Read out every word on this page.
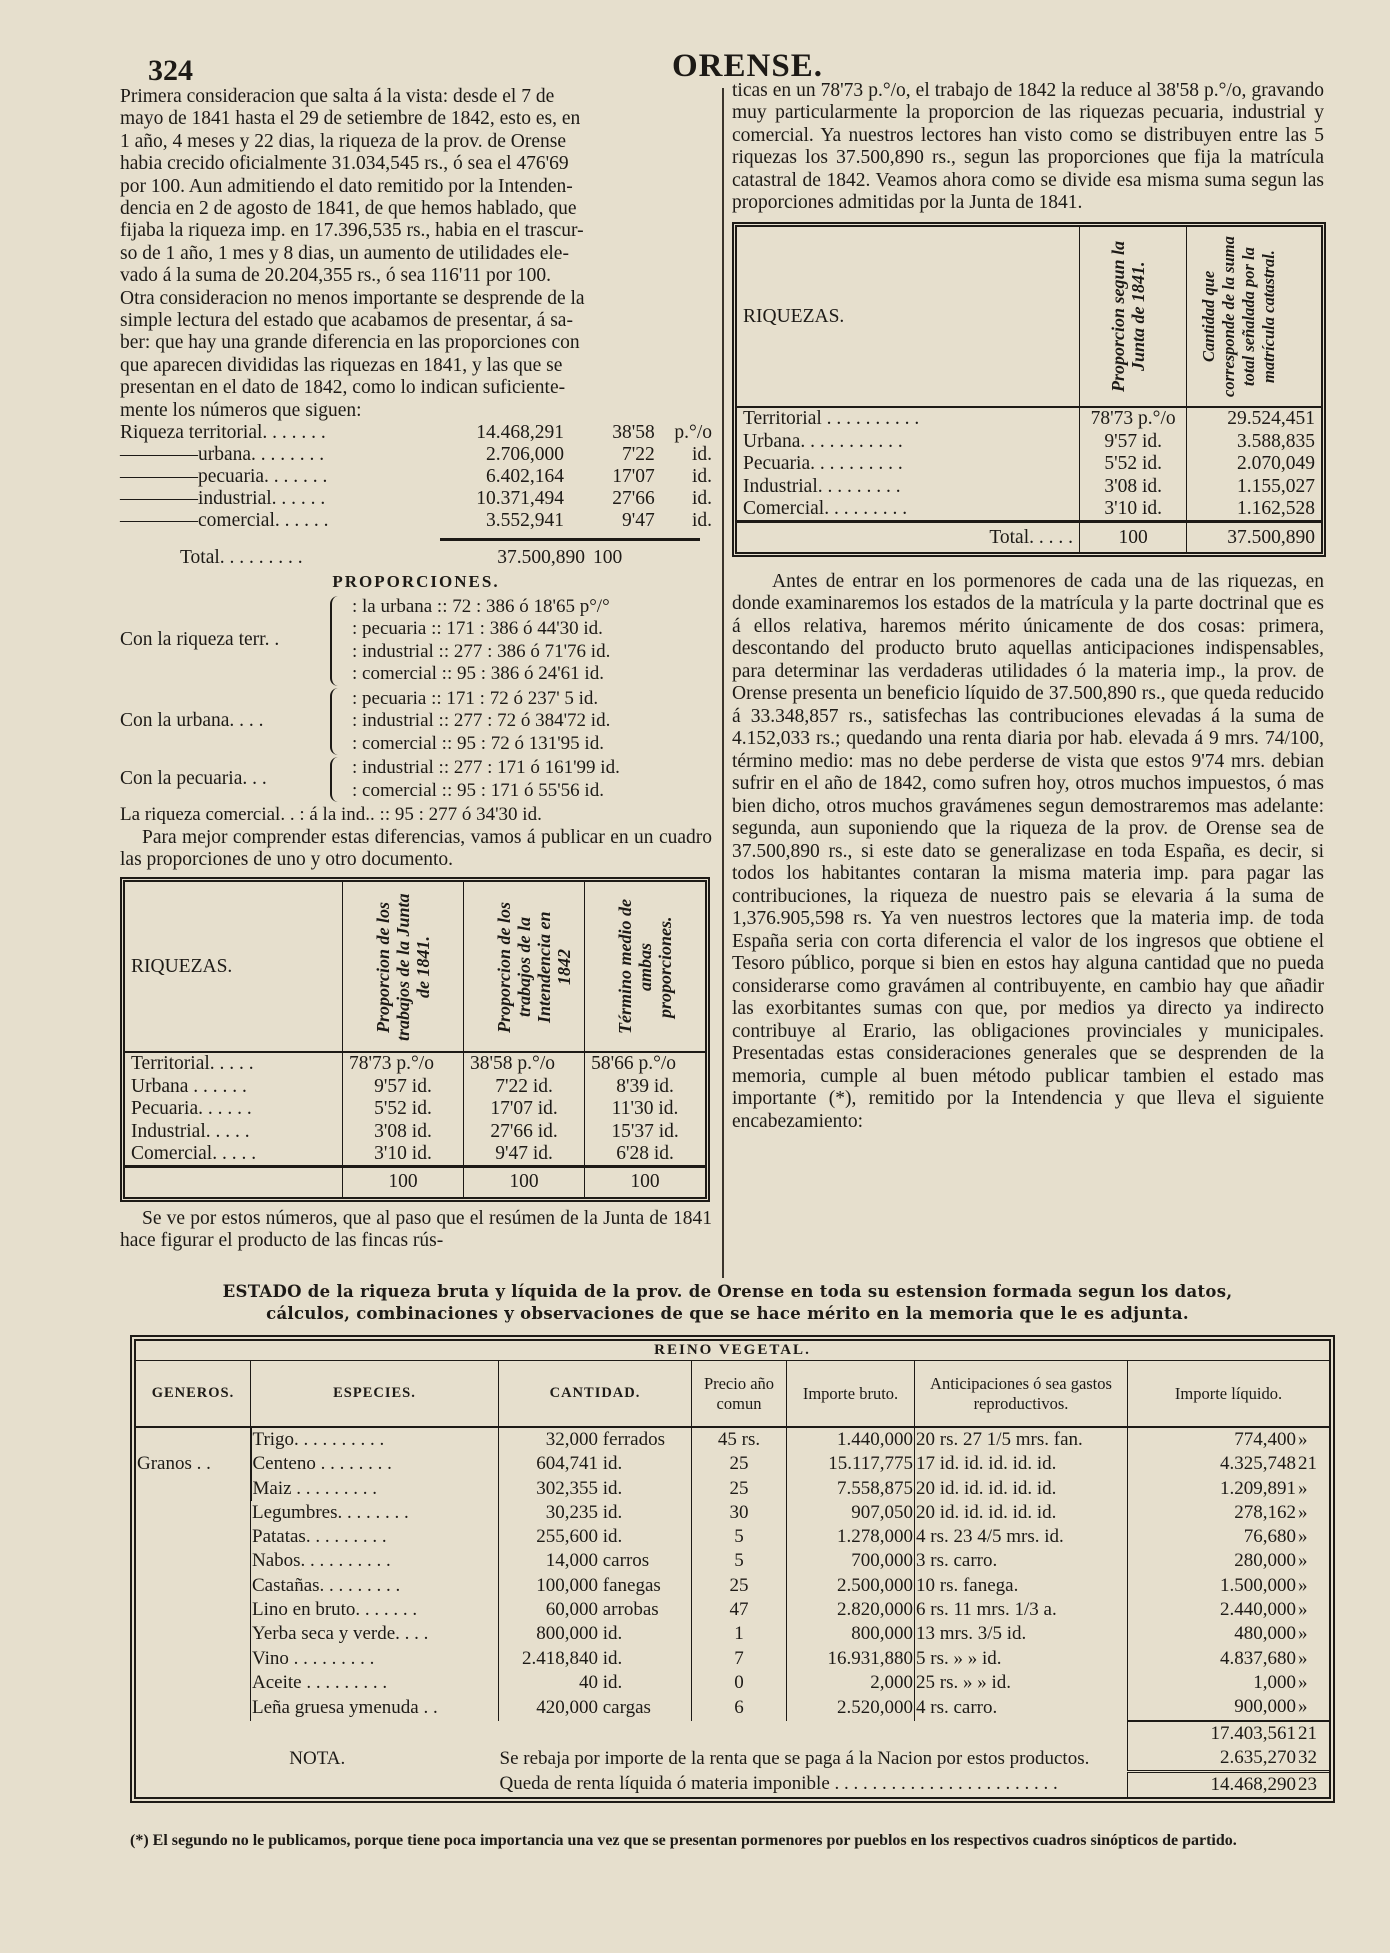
324	ORENSE.
Primera consideracion que salta á la vista: desde el 7 de
mayo de 1841 hasta el 29 de setiembre de 1842, esto es, en
1 año, 4 meses y 22 dias, la riqueza de la prov. de Orense
habia crecido oficialmente 31.034,545 rs., ó sea el 476'69
por 100. Aun admitiendo el dato remitido por la Intenden-
dencia en 2 de agosto de 1841, de que hemos hablado, que
fijaba la riqueza imp. en 17.396,535 rs., habia en el trascur-
so de 1 año, 1 mes y 8 dias, un aumento de utilidades ele-
vado á la suma de 20.204,355 rs., ó sea 116'11 por 100.
Otra consideracion no menos importante se desprende de la
simple lectura del estado que acabamos de presentar, á sa-
ber: que hay una grande diferencia en las proporciones con
que aparecen divididas las riquezas en 1841, y las que se
presentan en el dato de 1842, como lo indican suficiente-
mente los números que siguen:
Riqueza territorial. . . . . . .	14.468,291	38'58	p.°/o
————urbana. . . . . . . .	2.706,000	7'22	id.
————pecuaria. . . . . . .	6.402,164	17'07	id.
————industrial. . . . . .	10.371,494	27'66	id.
————comercial. . . . . .	3.552,941	9'47	id.
Total. . . . . . . . .	37.500,890 100
PROPORCIONES.
Con la riqueza terr. .
: la urbana :: 72 : 386 ó 18'65 p°/°
: pecuaria :: 171 : 386 ó 44'30 id.
: industrial :: 277 : 386 ó 71'76 id.
: comercial :: 95 : 386 ó 24'61 id.
Con la urbana. . . .
: pecuaria :: 171 : 72 ó 237' 5 id.
: industrial :: 277 : 72 ó 384'72 id.
: comercial :: 95 : 72 ó 131'95 id.
Con la pecuaria. . .
: industrial :: 277 : 171 ó 161'99 id.
: comercial :: 95 : 171 ó 55'56 id.
La riqueza comercial. . : á la ind.. :: 95 : 277 ó 34'30 id.

Para mejor comprender estas diferencias, vamos á publicar en un cuadro las proporciones de uno y otro documento.

RIQUEZAS.	Proporcion de los trabajos de la Junta de 1841.	Proporcion de los trabajos de la Intendencia en 1842	Término medio de ambas proporciones.

Territorial. . . . .	78'73 p.°/o	38'58 p.°/o	58'66 p.°/o
Urbana . . . . . .	9'57 id.	7'22 id.	8'39 id.
Pecuaria. . . . . .	5'52 id.	17'07 id.	11'30 id.
Industrial. . . . .	3'08 id.	27'66 id.	15'37 id.
Comercial. . . . .	3'10 id.	9'47 id.	6'28 id.
	100	100	100

Se ve por estos números, que al paso que el resúmen de la Junta de 1841 hace figurar el producto de las fincas rús-

ticas en un 78'73 p.°/o, el trabajo de 1842 la reduce al 38'58 p.°/o, gravando muy particularmente la proporcion de las riquezas pecuaria, industrial y comercial. Ya nuestros lectores han visto como se distribuyen entre las 5 riquezas los 37.500,890 rs., segun las proporciones que fija la matrícula catastral de 1842. Veamos ahora como se divide esa misma suma segun las proporciones admitidas por la Junta de 1841.

RIQUEZAS.	Proporcion segun la Junta de 1841.	Cantidad que corresponde de la suma total señalada por la matrícula catastral.

Territorial . . . . . . . . . .	78'73 p.°/o	29.524,451
Urbana. . . . . . . . . . .	9'57 id.	3.588,835
Pecuaria. . . . . . . . . .	5'52 id.	2.070,049
Industrial. . . . . . . . .	3'08 id.	1.155,027
Comercial. . . . . . . . .	3'10 id.	1.162,528
Total. . . . .	100	37.500,890

Antes de entrar en los pormenores de cada una de las riquezas, en donde examinaremos los estados de la matrícula y la parte doctrinal que es á ellos relativa, haremos mérito únicamente de dos cosas: primera, descontando del producto bruto aquellas anticipaciones indispensables, para determinar las verdaderas utilidades ó la materia imp., la prov. de Orense presenta un beneficio líquido de 37.500,890 rs., que queda reducido á 33.348,857 rs., satisfechas las contribuciones elevadas á la suma de 4.152,033 rs.; quedando una renta diaria por hab. elevada á 9 mrs. 74/100, término medio: mas no debe perderse de vista que estos 9'74 mrs. debian sufrir en el año de 1842, como sufren hoy, otros muchos impuestos, ó mas bien dicho, otros muchos gravámenes segun demostraremos mas adelante: segunda, aun suponiendo que la riqueza de la prov. de Orense sea de 37.500,890 rs., si este dato se generalizase en toda España, es decir, si todos los habitantes contaran la misma materia imp. para pagar las contribuciones, la riqueza de nuestro pais se elevaria á la suma de 1,376.905,598 rs. Ya ven nuestros lectores que la materia imp. de toda España seria con corta diferencia el valor de los ingresos que obtiene el Tesoro público, porque si bien en estos hay alguna cantidad que no pueda considerarse como gravámen al contribuyente, en cambio hay que añadir las exorbitantes sumas con que, por medios ya directo ya indirecto contribuye al Erario, las obligaciones provinciales y municipales. Presentadas estas consideraciones generales que se desprenden de la memoria, cumple al buen método publicar tambien el estado mas importante (*), remitido por la Intendencia y que lleva el siguiente encabezamiento:

ESTADO de la riqueza bruta y líquida de la prov. de Orense en toda su estension formada segun los datos,
cálculos, combinaciones y observaciones de que se hace mérito en la memoria que le es adjunta.
REINO VEGETAL.
GENEROS.	ESPECIES.	CANTIDAD.	Precio año comun	Importe bruto.	Anticipaciones ó sea gastos reproductivos.	Importe líquido.	
Granos . .	Trigo. . . . . . . . . .	32,000 ferrados	45 rs.	1.440,000	20 rs. 27 1/5 mrs. fan.	774,400	»
	Centeno . . . . . . . .	604,741 id.	25	15.117,775	17 id. id. id. id. id.	4.325,748	21
	Maiz . . . . . . . . .	302,355 id.	25	7.558,875	20 id. id. id. id. id.	1.209,891	»
	Legumbres. . . . . . . .	30,235 id.	30	907,050	20 id. id. id. id. id.	278,162	»
	Patatas. . . . . . . . .	255,600 id.	5	1.278,000	4 rs. 23 4/5 mrs. id.	76,680	»
	Nabos. . . . . . . . . .	14,000 carros	5	700,000	3 rs. carro.	280,000	»
	Castañas. . . . . . . . .	100,000 fanegas	25	2.500,000	10 rs. fanega.	1.500,000	»
	Lino en bruto. . . . . . .	60,000 arrobas	47	2.820,000	6 rs. 11 mrs. 1/3 a.	2.440,000	»
	Yerba seca y verde. . . .	800,000 id.	1	800,000	13 mrs. 3/5 id.	480,000	»
	Vino . . . . . . . . .	2.418,840 id.	7	16.931,880	5 rs. » » id.	4.837,680	»
	Aceite . . . . . . . . .	40 id.	0	2,000	25 rs. » » id.	1,000	»
	Leña gruesa ymenuda . .	420,000 cargas	6	2.520,000	4 rs. carro.	900,000	»
						17.403,561	21
NOTA.		Se rebaja por importe de la renta que se paga á la Nacion por estos productos.				2.635,270	32
		Queda de renta líquida ó materia imponible . . . . . . . . . . . . . . . . . . . . . . . .				14.468,290	23
(*) El segundo no le publicamos, porque tiene poca importancia una vez que se presentan pormenores por pueblos en los respectivos cuadros sinópticos de partido.
